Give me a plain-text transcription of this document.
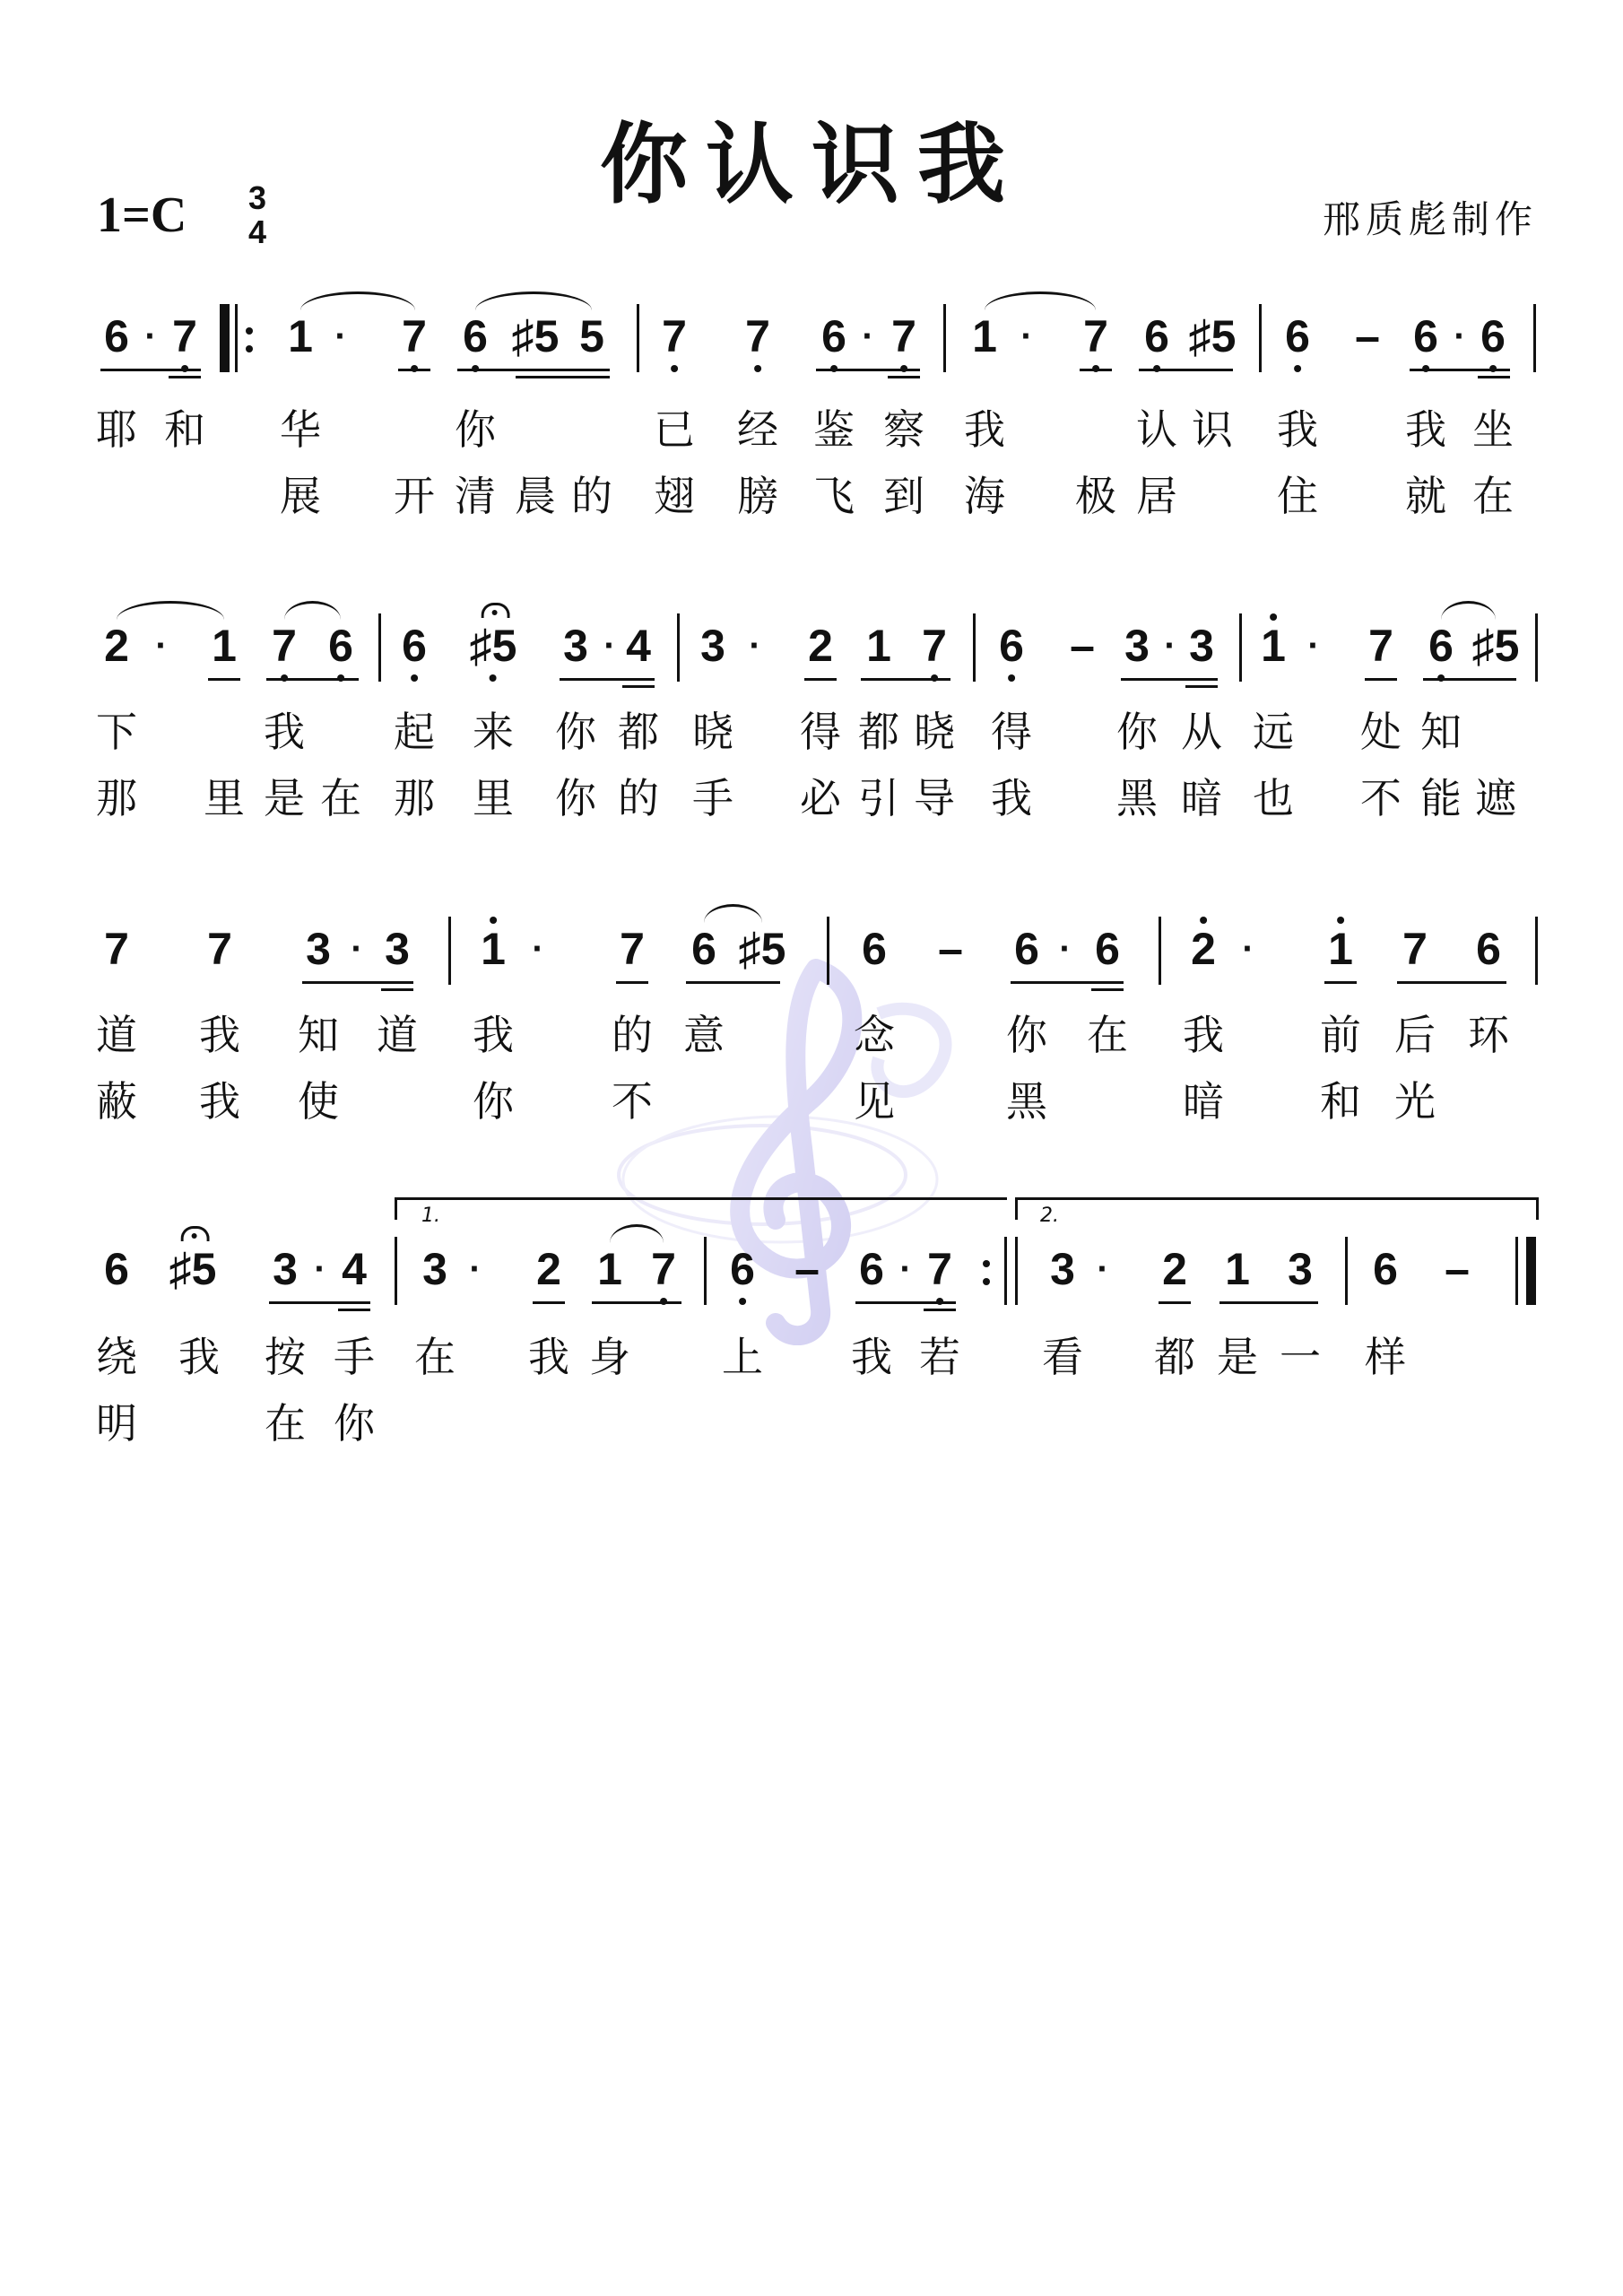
你认识我
1=C	3
4	邢质彪制作
6 · 7 1 · 7 6 ♯5 5 7 7 6 · 7 1 · 7 6 ♯5 6 – 6 · 6
耶 和 华	你	已 经 鉴 察 我	认 识 我 我 坐
展 开 清 晨 的 翅 膀 飞 到 海 极 居 住 就 在
2 · 1 7 6 6 ♯5 3 · 4 3 · 2 1 7 6 – 3 · 3 1 · 7 6 ♯5
下	我 起 来 你 都 晓 得 都 晓 得 你 从 远 处 知
那 里 是 在 那 里 你 的 手 必 引 导 我 黑 暗 也 不 能 遮
7 7 3 · 3 1 · 7 6 ♯5 6 – 6 · 6 2 · 1 7 6
道 我 知 道 我 的 意	念	你 在 我 前 后 环
蔽 我 使	你 不	见	黑	暗 和 光
1.	2.
6 ♯5 3 · 4 3 · 2 1 7 6 – 6 · 7 3 · 2 1 3 6 –
绕 我 按 手 在 我 身 上 我 若 看 都 是 一 样
明	在 你
